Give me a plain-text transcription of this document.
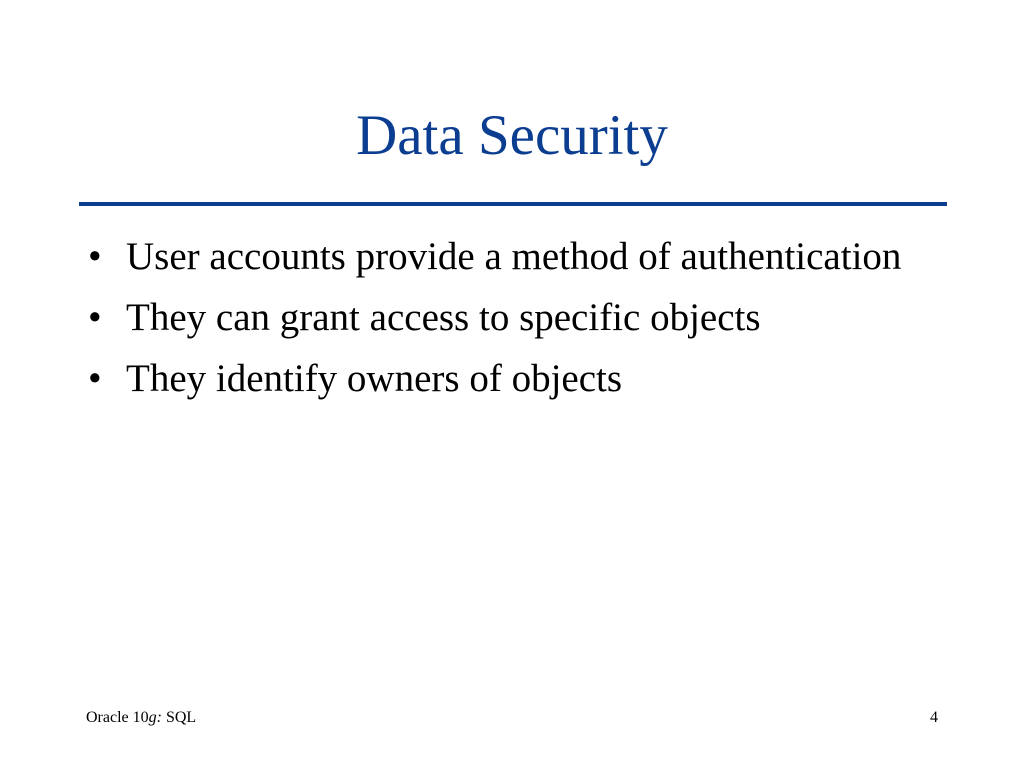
Data Security
• User accounts provide a method of authentication
• They can grant access to specific objects
• They identify owners of objects
Oracle 10g: SQL	4
